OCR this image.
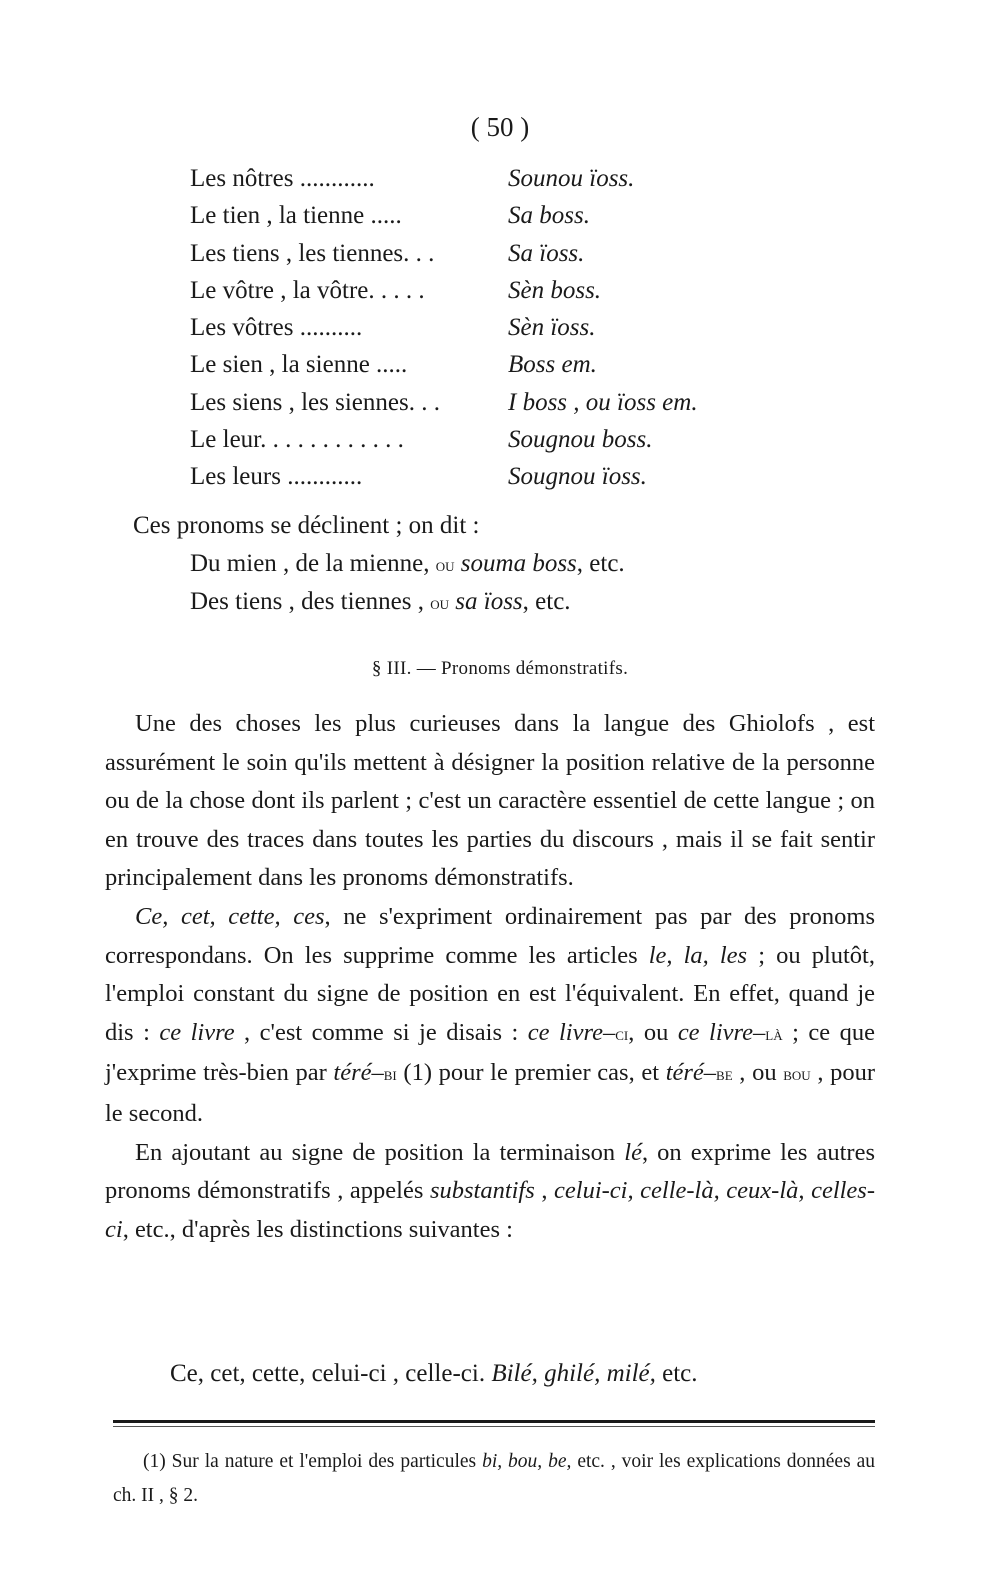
( 50 )
Les nôtres ............	Sounou ïoss.
Le tien , la tienne .....	Sa boss.
Les tiens , les tiennes. . .	Sa ïoss.
Le vôtre , la vôtre. . . . .	Sèn boss.
Les vôtres ..........	Sèn ïoss.
Le sien , la sienne .....	Boss em.
Les siens , les siennes. . .	I boss , ou ïoss em.
Le leur. . . . . . . . . . . .	Sougnou boss.
Les leurs ............	Sougnou ïoss.
Ces pronoms se déclinent ; on dit :
Du mien , de la mienne, ou souma boss, etc.
Des tiens , des tiennes , ou sa ïoss, etc.
§ III. — Pronoms démonstratifs.

Une des choses les plus curieuses dans la langue des Ghiolofs , est assurément le soin qu'ils mettent à désigner la position relative de la personne ou de la chose dont ils parlent ; c'est un caractère essentiel de cette langue ; on en trouve des traces dans toutes les parties du discours , mais il se fait sentir principalement dans les pronoms démonstratifs.

Ce, cet, cette, ces, ne s'expriment ordinairement pas par des pronoms correspondans. On les supprime comme les articles le, la, les ; ou plutôt, l'emploi constant du signe de position en est l'équivalent. En effet, quand je dis : ce livre , c'est comme si je disais : ce livre–ci, ou ce livre–là ; ce que j'exprime très-bien par téré–bi (1) pour le premier cas, et téré–be , ou bou , pour le second.

En ajoutant au signe de position la terminaison lé, on exprime les autres pronoms démonstratifs , appelés substantifs , celui-ci, celle-là, ceux-là, celles-ci, etc., d'après les distinctions suivantes :

Ce, cet, cette, celui-ci , celle-ci. Bilé, ghilé, milé, etc.
(1) Sur la nature et l'emploi des particules bi, bou, be, etc. , voir les explications données au ch. II , § 2.
